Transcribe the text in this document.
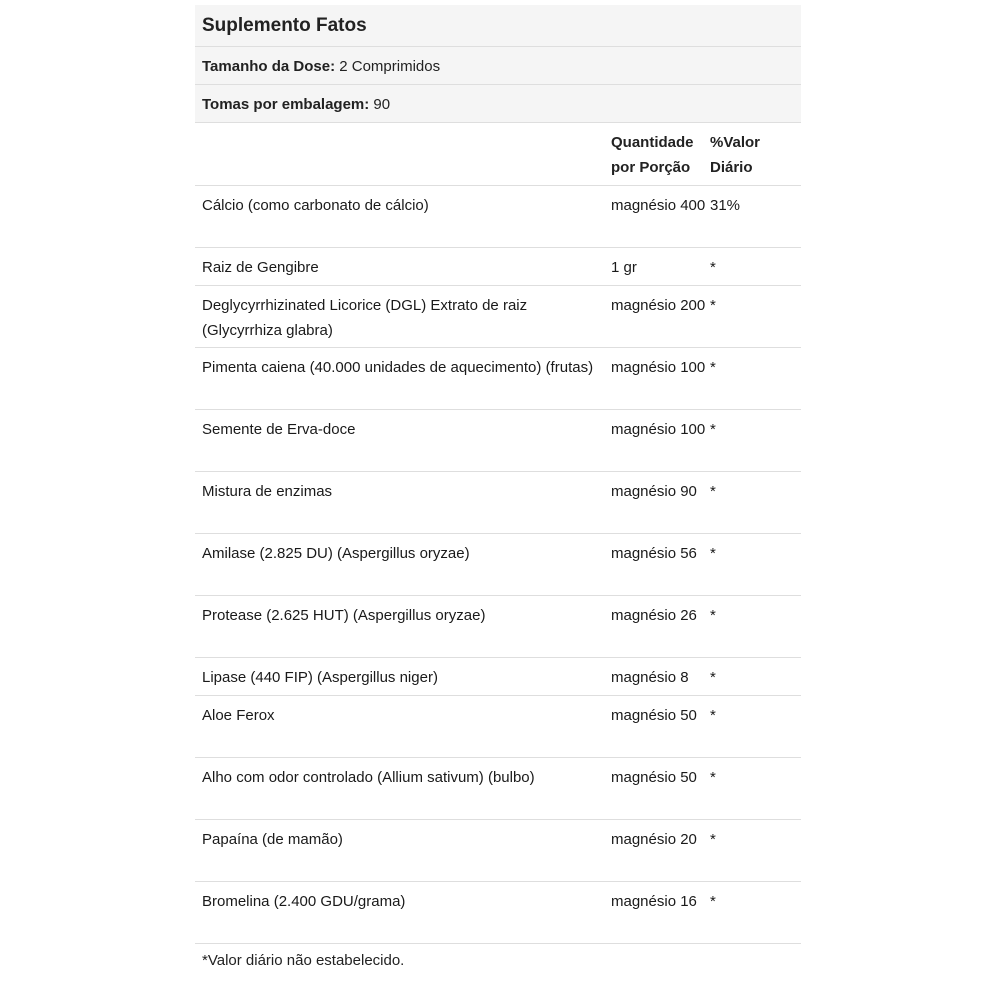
Suplemento Fatos
Tamanho da Dose: 2 Comprimidos
Tomas por embalagem: 90
	Quantidade por Porção	%Valor Diário
Cálcio (como carbonato de cálcio)	magnésio 400	31%
Raiz de Gengibre	1 gr	*
Deglycyrrhizinated Licorice (DGL) Extrato de raiz (Glycyrrhiza glabra)	magnésio 200	*
Pimenta caiena (40.000 unidades de aquecimento) (frutas)	magnésio 100	*
Semente de Erva-doce	magnésio 100	*
Mistura de enzimas	magnésio 90	*
Amilase (2.825 DU) (Aspergillus oryzae)	magnésio 56	*
Protease (2.625 HUT) (Aspergillus oryzae)	magnésio 26	*
Lipase (440 FIP) (Aspergillus niger)	magnésio 8	*
Aloe Ferox	magnésio 50	*
Alho com odor controlado (Allium sativum) (bulbo)	magnésio 50	*
Papaína (de mamão)	magnésio 20	*
Bromelina (2.400 GDU/grama)	magnésio 16	*
*Valor diário não estabelecido.
